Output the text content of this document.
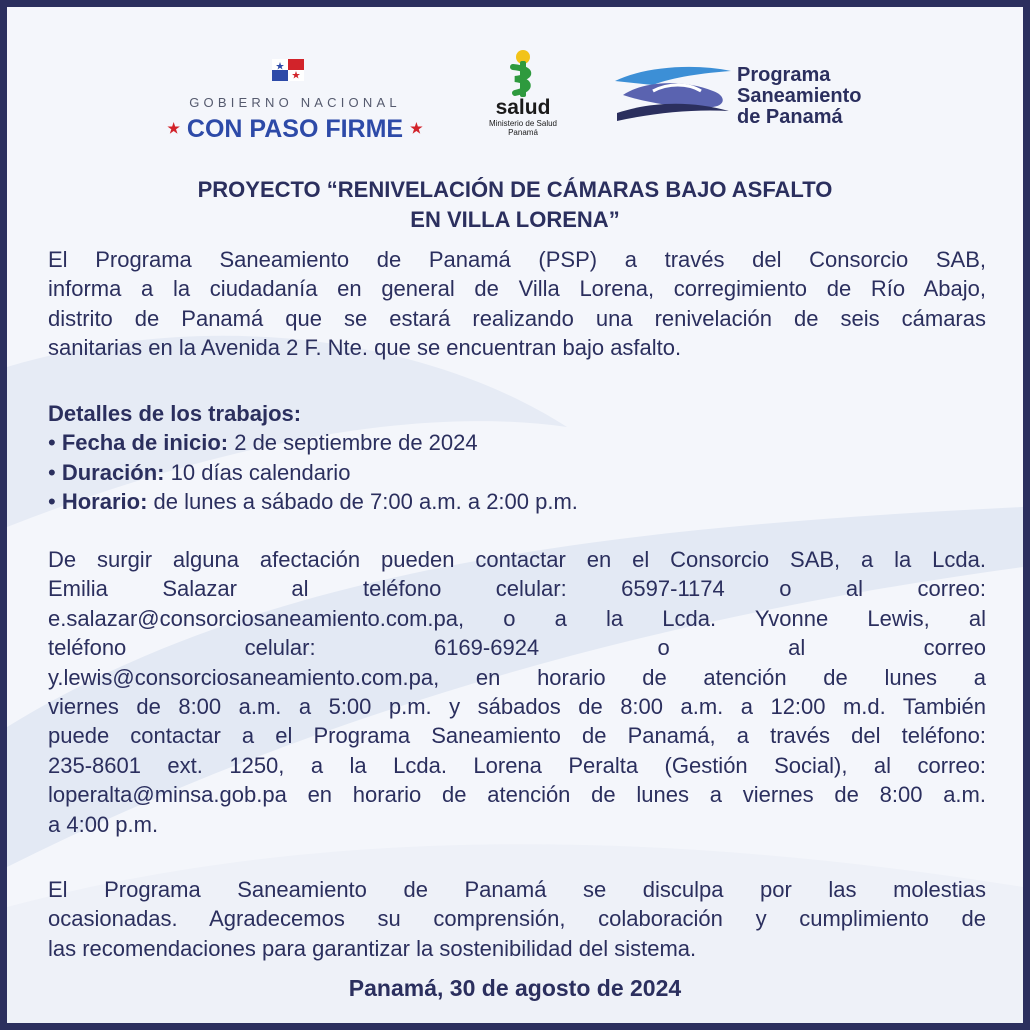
GOBIERNO NACIONAL
★ CON PASO FIRME ★
salud
Ministerio de Salud
Panamá
Programa
Saneamiento
de Panamá
PROYECTO “RENIVELACIÓN DE CÁMARAS BAJO ASFALTO
EN VILLA LORENA”
El Programa Saneamiento de Panamá (PSP) a través del Consorcio SAB,
informa a la ciudadanía en general de Villa Lorena, corregimiento de Río Abajo,
distrito de Panamá que se estará realizando una renivelación de seis cámaras
sanitarias en la Avenida 2 F. Nte. que se encuentran bajo asfalto.
Detalles de los trabajos:
• Fecha de inicio: 2 de septiembre de 2024
• Duración: 10 días calendario
• Horario: de lunes a sábado de 7:00 a.m. a 2:00 p.m.
De surgir alguna afectación pueden contactar en el Consorcio SAB, a la Lcda.
Emilia Salazar al teléfono celular: 6597-1174 o al correo:
e.salazar@consorciosaneamiento.com.pa, o a la Lcda. Yvonne Lewis, al
teléfono celular: 6169-6924 o al correo
y.lewis@consorciosaneamiento.com.pa, en horario de atención de lunes a
viernes de 8:00 a.m. a 5:00 p.m. y sábados de 8:00 a.m. a 12:00 m.d. También
puede contactar a el Programa Saneamiento de Panamá, a través del teléfono:
235-8601 ext. 1250, a la Lcda. Lorena Peralta (Gestión Social), al correo:
loperalta@minsa.gob.pa en horario de atención de lunes a viernes de 8:00 a.m.
a 4:00 p.m.
El Programa Saneamiento de Panamá se disculpa por las molestias
ocasionadas. Agradecemos su comprensión, colaboración y cumplimiento de
las recomendaciones para garantizar la sostenibilidad del sistema.
Panamá, 30 de agosto de 2024
